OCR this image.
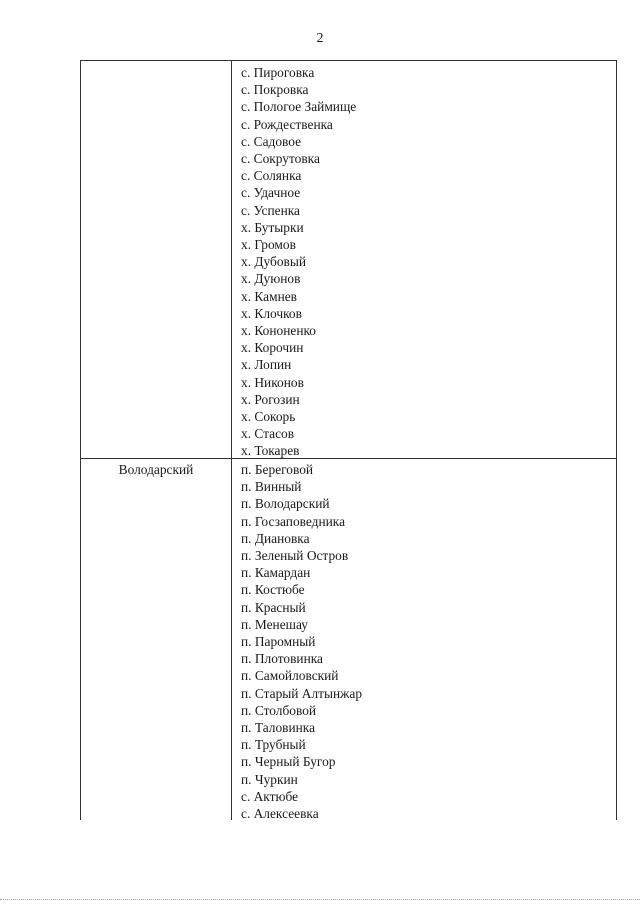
2
с. Пироговка
с. Покровка
с. Пологое Займище
с. Рождественка
с. Садовое
с. Сокрутовка
с. Солянка
с. Удачное
с. Успенка
х. Бутырки
х. Громов
х. Дубовый
х. Дуюнов
х. Камнев
х. Клочков
х. Кононенко
х. Корочин
х. Лопин
х. Никонов
х. Рогозин
х. Сокорь
х. Стасов
х. Токарев
Володарский	п. Береговой
п. Винный
п. Володарский
п. Госзаповедника
п. Диановка
п. Зеленый Остров
п. Камардан
п. Костюбе
п. Красный
п. Менешау
п. Паромный
п. Плотовинка
п. Самойловский
п. Старый Алтынжар
п. Столбовой
п. Таловинка
п. Трубный
п. Черный Бугор
п. Чуркин
с. Актюбе
с. Алексеевка
